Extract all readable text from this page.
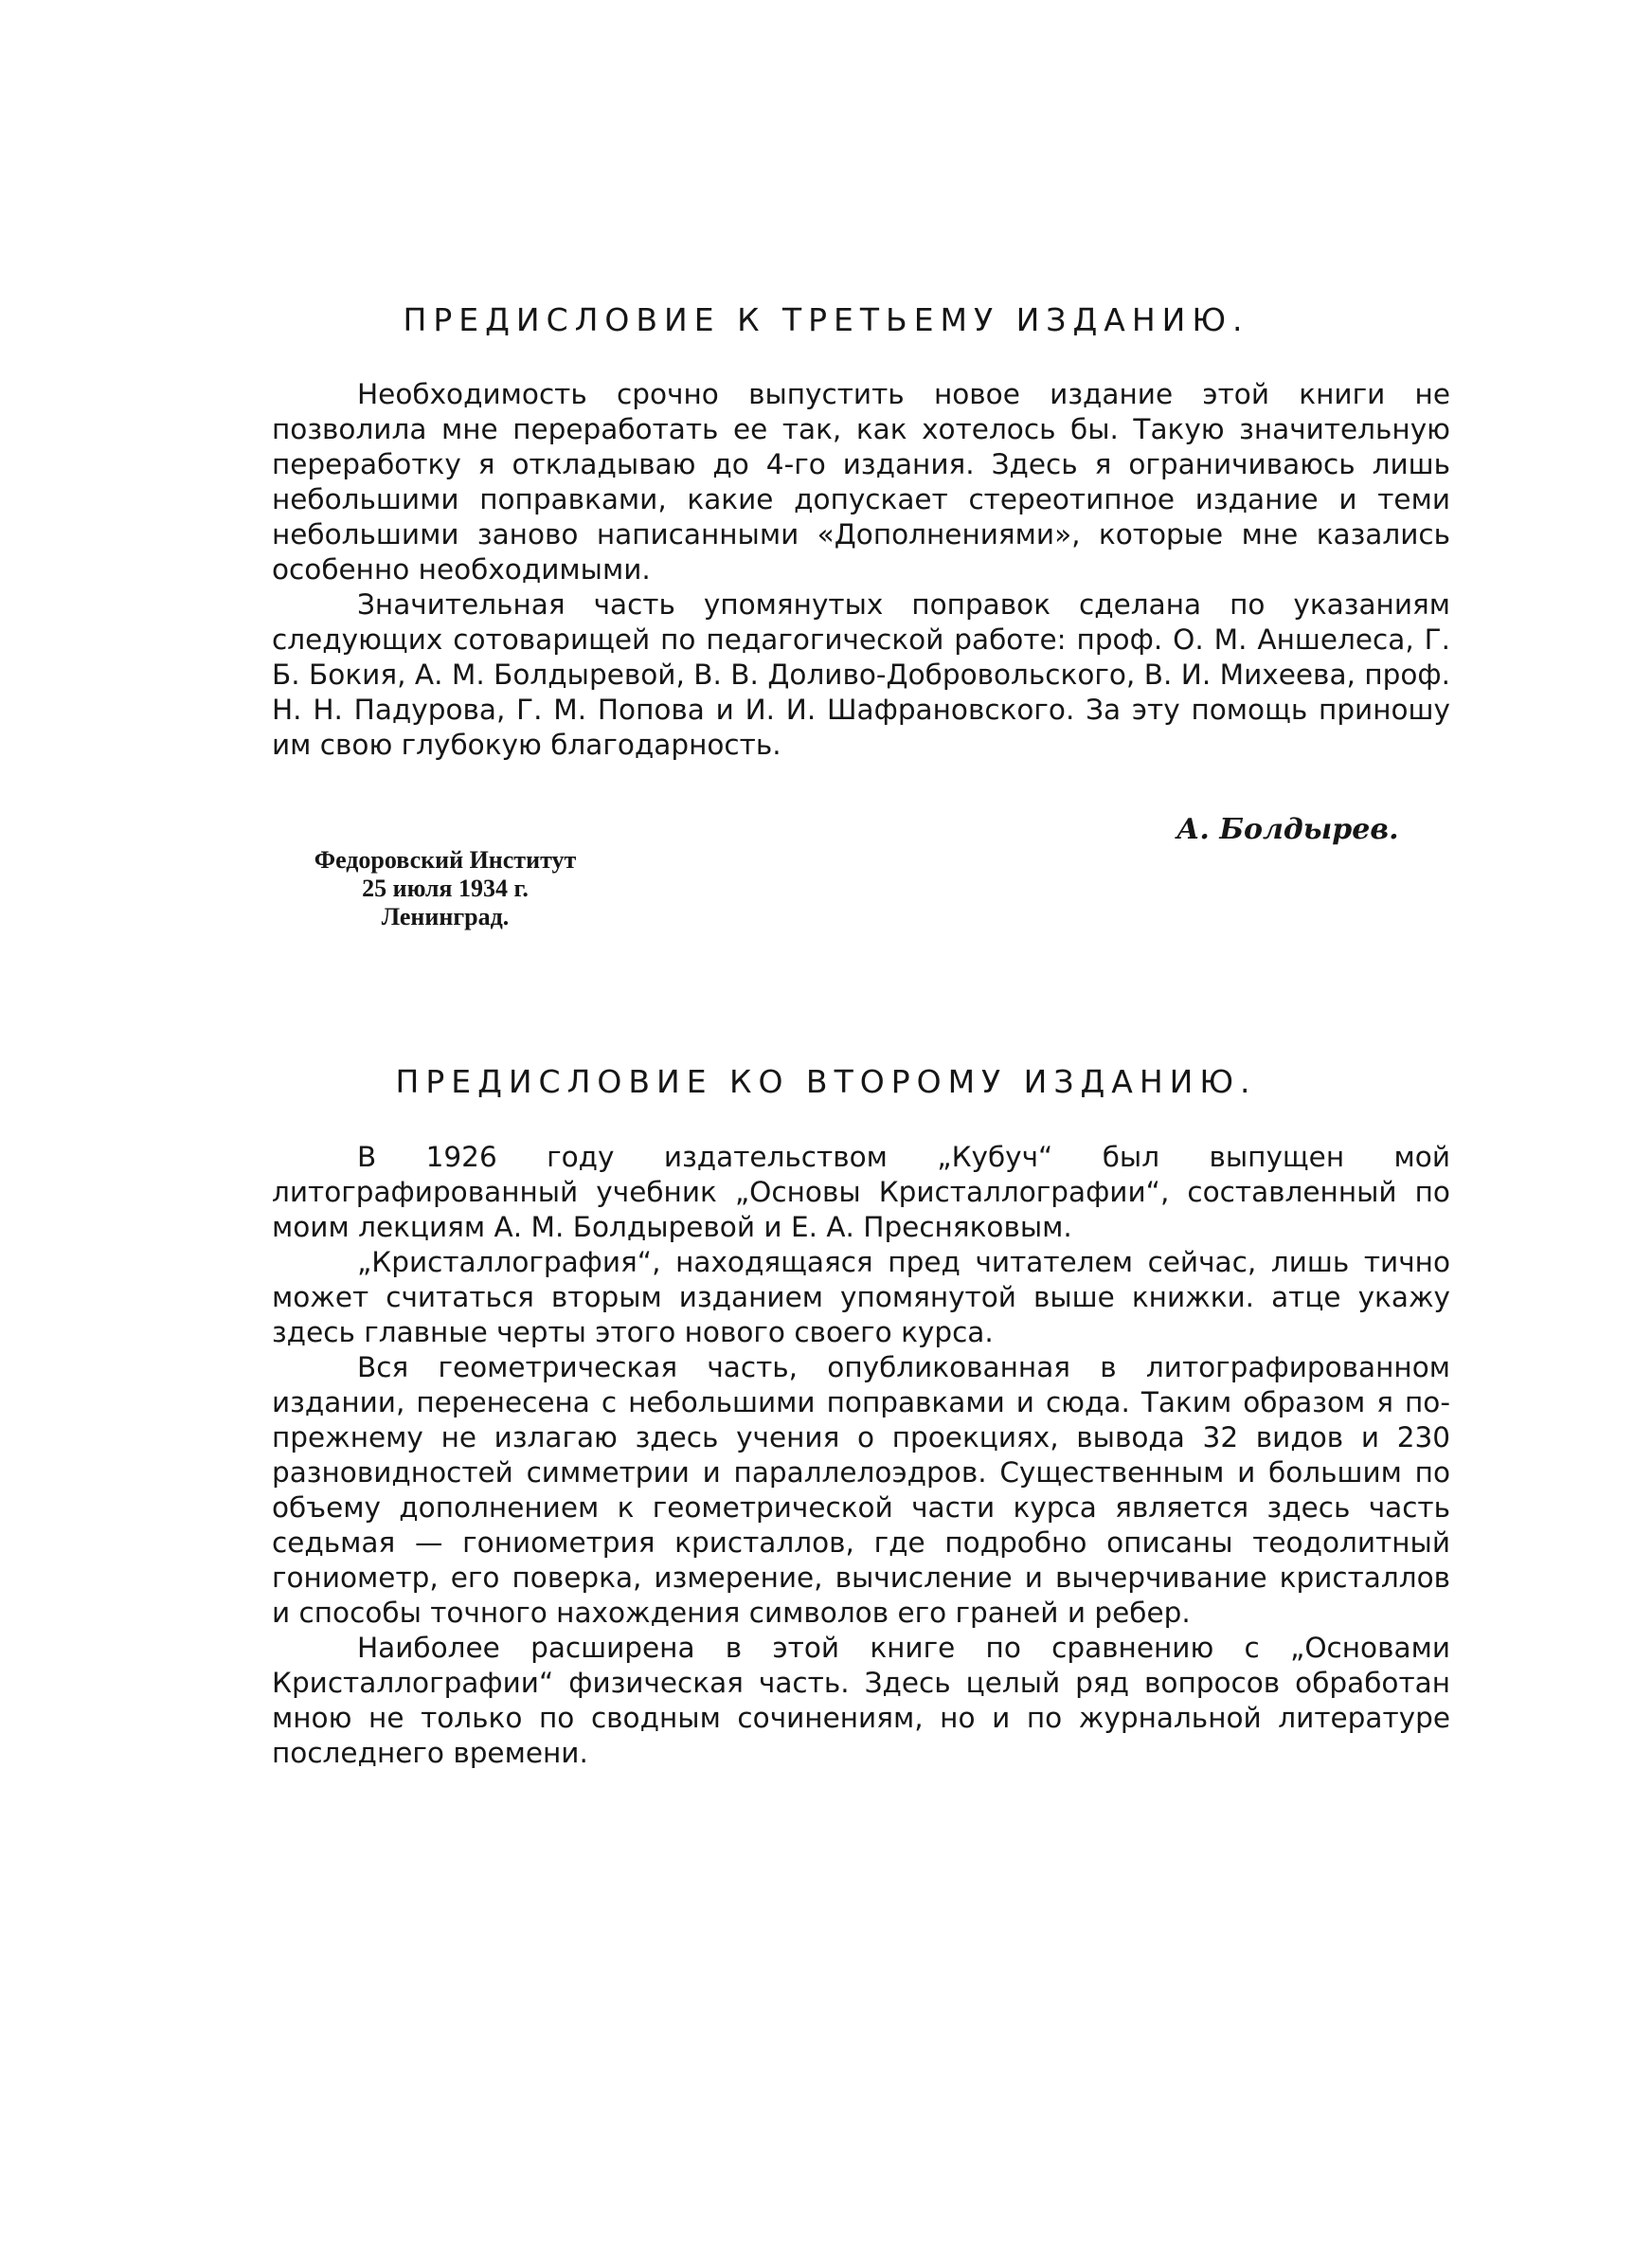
ПРЕДИСЛОВИЕ К ТРЕТЬЕМУ ИЗДАНИЮ.

Необходимость срочно выпустить новое издание этой книги не позволила мне переработать ее так, как хотелось бы. Такую значительную переработку я откладываю до 4-го издания. Здесь я ограничиваюсь лишь небольшими поправками, какие допускает стереотипное издание и теми небольшими заново написанными «Дополнениями», которые мне казались особенно необходимыми.

Значительная часть упомянутых поправок сделана по указаниям следующих сотоварищей по педагогической работе: проф. О. М. Аншелеса, Г. Б. Бокия, А. М. Болдыревой, В. В. Доливо-Добровольского, В. И. Михеева, проф. Н. Н. Падурова, Г. М. Попова и И. И. Шафрановского. За эту помощь приношу им свою глубокую благодарность.

А. Болдырев.
Федоровский Институт
25 июля 1934 г.
Ленинград.
ПРЕДИСЛОВИЕ КО ВТОРОМУ ИЗДАНИЮ.

В 1926 году издательством „Кубуч“ был выпущен мой литографированный учебник „Основы Кристаллографии“, составленный по моим лекциям А. М. Болдыревой и Е. А. Пресняковым.

„Кристаллография“, находящаяся пред читателем сейчас, лишь тично может считаться вторым изданием упомянутой выше книжки. атце укажу здесь главные черты этого нового своего курса.

Вся геометрическая часть, опубликованная в литографированном издании, перенесена с небольшими поправками и сюда. Таким образом я по-прежнему не излагаю здесь учения о проекциях, вывода 32 видов и 230 разновидностей симметрии и параллелоэдров. Существенным и большим по объему дополнением к геометрической части курса является здесь часть седьмая — гониометрия кристаллов, где подробно описаны теодолитный гониометр, его поверка, измерение, вычисление и вычерчивание кристаллов и способы точного нахождения символов его граней и ребер.

Наиболее расширена в этой книге по сравнению с „Основами Кристаллографии“ физическая часть. Здесь целый ряд вопросов обработан мною не только по сводным сочинениям, но и по журнальной литературе последнего времени.
